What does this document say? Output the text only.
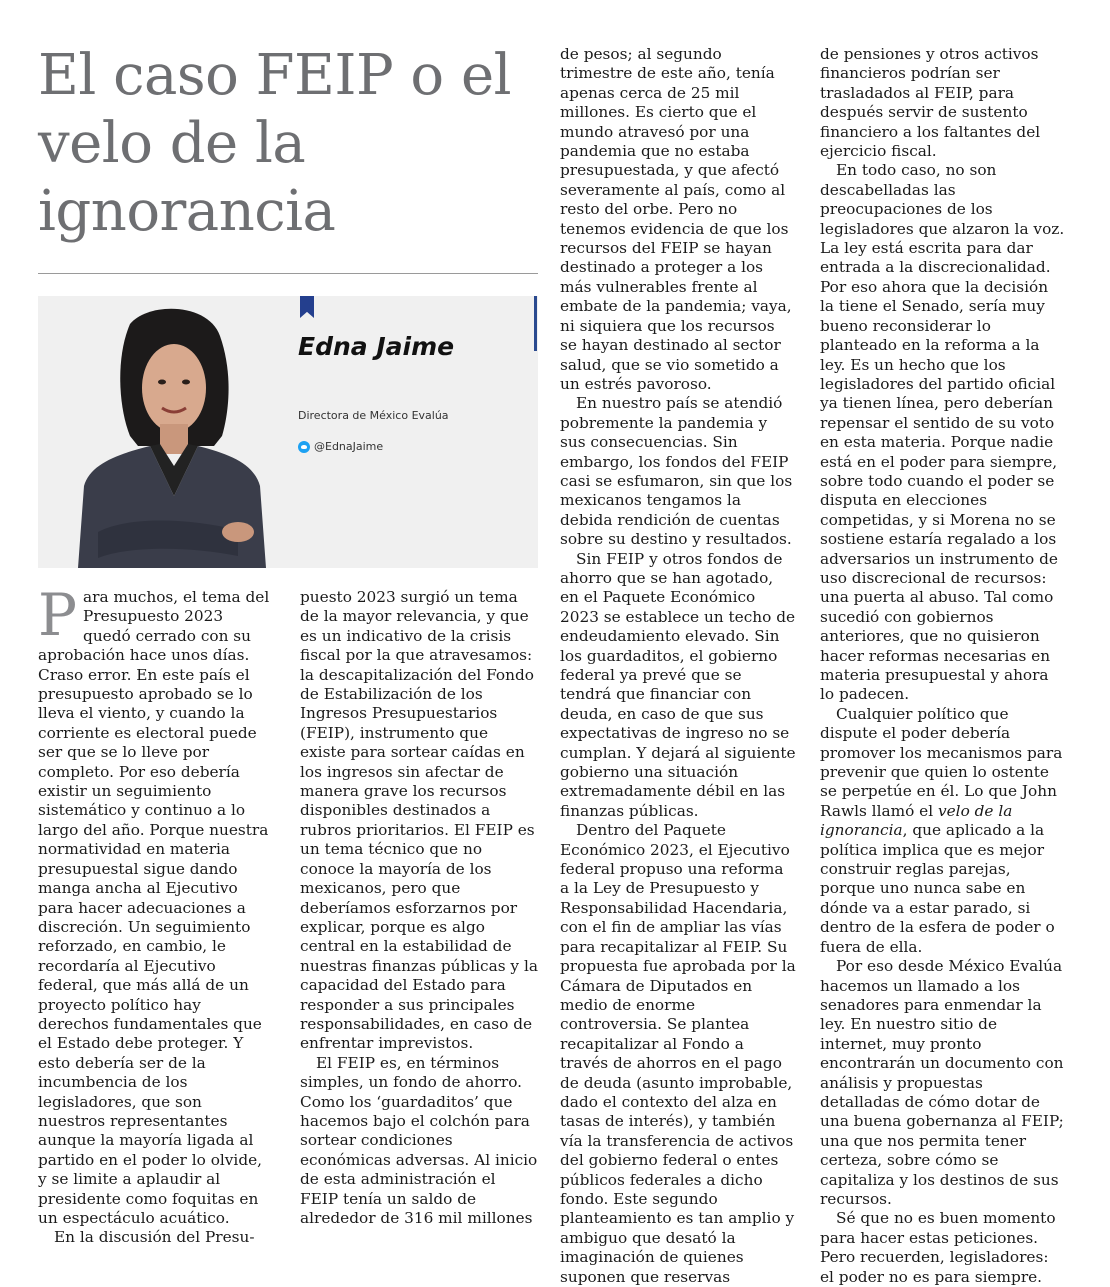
El caso FEIP o el velo de la ignorancia
Edna Jaime
Directora de México Evalúa
@EdnaJaime

Para muchos, el tema del Presupuesto 2023 quedó cerrado con su aprobación hace unos días. Craso error. En este país el presupuesto aprobado se lo lleva el viento, y cuando la corriente es electoral puede ser que se lo lleve por completo. Por eso debería existir un seguimiento sistemático y continuo a lo largo del año. Porque nuestra normatividad en materia presupuestal sigue dando manga ancha al Ejecutivo para hacer adecuaciones a discreción. Un seguimiento reforzado, en cambio, le recordaría al Ejecutivo federal, que más allá de un proyecto político hay derechos fundamentales que el Estado debe proteger. Y esto debería ser de la incumbencia de los legisladores, que son nuestros representantes aunque la mayoría ligada al partido en el poder lo olvide, y se limite a aplaudir al presidente como foquitas en un espectáculo acuático.

En la discusión del Presu-

puesto 2023 surgió un tema de la mayor relevancia, y que es un indicativo de la crisis fiscal por la que atravesamos: la descapitalización del Fondo de Estabilización de los Ingresos Presupuestarios (FEIP), instrumento que existe para sortear caídas en los ingresos sin afectar de manera grave los recursos disponibles destinados a rubros prioritarios. El FEIP es un tema técnico que no conoce la mayoría de los mexicanos, pero que deberíamos esforzarnos por explicar, porque es algo central en la estabilidad de nuestras finanzas públicas y la capacidad del Estado para responder a sus principales responsabilidades, en caso de enfrentar imprevistos.

El FEIP es, en términos simples, un fondo de ahorro. Como los ‘guardaditos’ que hacemos bajo el colchón para sortear condiciones económicas adversas. Al inicio de esta administración el FEIP tenía un saldo de alrededor de 316 mil millones

de pesos; al segundo trimestre de este año, tenía apenas cerca de 25 mil millones. Es cierto que el mundo atravesó por una pandemia que no estaba presupuestada, y que afectó severamente al país, como al resto del orbe. Pero no tenemos evidencia de que los recursos del FEIP se hayan destinado a proteger a los más vulnerables frente al embate de la pandemia; vaya, ni siquiera que los recursos se hayan destinado al sector salud, que se vio sometido a un estrés pavoroso.

En nuestro país se atendió pobremente la pandemia y sus consecuencias. Sin embargo, los fondos del FEIP casi se esfumaron, sin que los mexicanos tengamos la debida rendición de cuentas sobre su destino y resultados.

Sin FEIP y otros fondos de ahorro que se han agotado, en el Paquete Económico 2023 se establece un techo de endeudamiento elevado. Sin los guardaditos, el gobierno federal ya prevé que se tendrá que financiar con deuda, en caso de que sus expectativas de ingreso no se cumplan. Y dejará al siguiente gobierno una situación extremadamente débil en las finanzas públicas.

Dentro del Paquete Económico 2023, el Ejecutivo federal propuso una reforma a la Ley de Presupuesto y Responsabilidad Hacendaria, con el fin de ampliar las vías para recapitalizar al FEIP. Su propuesta fue aprobada por la Cámara de Diputados en medio de enorme controversia. Se plantea recapitalizar al Fondo a través de ahorros en el pago de deuda (asunto improbable, dado el contexto del alza en tasas de interés), y también vía la transferencia de activos del gobierno federal o entes públicos federales a dicho fondo. Este segundo planteamiento es tan amplio y ambiguo que desató la imaginación de quienes suponen que reservas

de pensiones y otros activos financieros podrían ser trasladados al FEIP, para después servir de sustento financiero a los faltantes del ejercicio fiscal.

En todo caso, no son descabelladas las preocupaciones de los legisladores que alzaron la voz. La ley está escrita para dar entrada a la discrecionalidad. Por eso ahora que la decisión la tiene el Senado, sería muy bueno reconsiderar lo planteado en la reforma a la ley. Es un hecho que los legisladores del partido oficial ya tienen línea, pero deberían repensar el sentido de su voto en esta materia. Porque nadie está en el poder para siempre, sobre todo cuando el poder se disputa en elecciones competidas, y si Morena no se sostiene estaría regalado a los adversarios un instrumento de uso discrecional de recursos: una puerta al abuso. Tal como sucedió con gobiernos anteriores, que no quisieron hacer reformas necesarias en materia presupuestal y ahora lo padecen.

Cualquier político que dispute el poder debería promover los mecanismos para prevenir que quien lo ostente se perpetúe en él. Lo que John Rawls llamó el velo de la ignorancia, que aplicado a la política implica que es mejor construir reglas parejas, porque uno nunca sabe en dónde va a estar parado, si dentro de la esfera de poder o fuera de ella.

Por eso desde México Evalúa hacemos un llamado a los senadores para enmendar la ley. En nuestro sitio de internet, muy pronto encontrarán un documento con análisis y propuestas detalladas de cómo dotar de una buena gobernanza al FEIP; una que nos permita tener certeza, sobre cómo se capitaliza y los destinos de sus recursos.

Sé que no es buen momento para hacer estas peticiones. Pero recuerden, legisladores: el poder no es para siempre.
